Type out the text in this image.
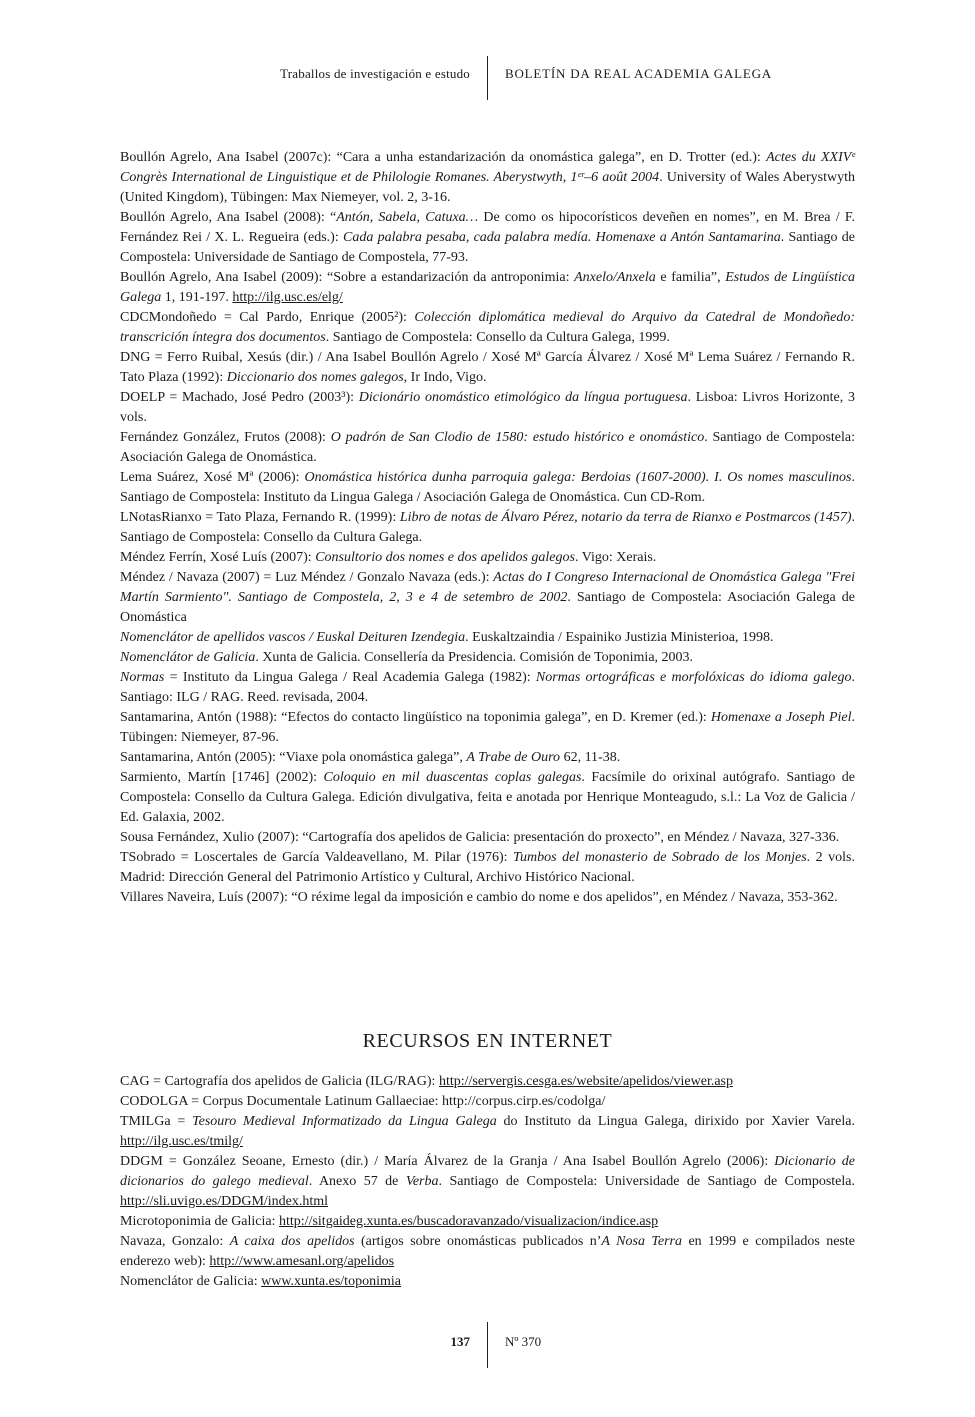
Traballos de investigación e estudo	BOLETÍN DA REAL ACADEMIA GALEGA

Boullón Agrelo, Ana Isabel (2007c): “Cara a unha estandarización da onomástica galega”, en D. Trotter (ed.): Actes du XXIVᵉ Congrès International de Linguistique et de Philologie Romanes. Aberystwyth, 1ᵉʳ–6 août 2004. University of Wales Aberystwyth (United Kingdom), Tübingen: Max Niemeyer, vol. 2, 3-16.

Boullón Agrelo, Ana Isabel (2008): “Antón, Sabela, Catuxa… De como os hipocorísticos deveñen en nomes”, en M. Brea / F. Fernández Rei / X. L. Regueira (eds.): Cada palabra pesaba, cada palabra medía. Homenaxe a Antón Santamarina. Santiago de Compostela: Universidade de Santiago de Compostela, 77-93.

Boullón Agrelo, Ana Isabel (2009): “Sobre a estandarización da antroponimia: Anxelo/Anxela e familia”, Estudos de Lingüística Galega 1, 191-197. http://ilg.usc.es/elg/

CDCMondoñedo = Cal Pardo, Enrique (2005²): Colección diplomática medieval do Arquivo da Catedral de Mondoñedo: transcrición íntegra dos documentos. Santiago de Compostela: Consello da Cultura Galega, 1999.

DNG = Ferro Ruibal, Xesús (dir.) / Ana Isabel Boullón Agrelo / Xosé Mª García Álvarez / Xosé Mª Lema Suárez / Fernando R. Tato Plaza (1992): Diccionario dos nomes galegos, Ir Indo, Vigo.

DOELP = Machado, José Pedro (2003³): Dicionário onomástico etimológico da língua portuguesa. Lisboa: Livros Horizonte, 3 vols.

Fernández González, Frutos (2008): O padrón de San Clodio de 1580: estudo histórico e onomástico. Santiago de Compostela: Asociación Galega de Onomástica.

Lema Suárez, Xosé Mª (2006): Onomástica histórica dunha parroquia galega: Berdoias (1607-2000). I. Os nomes masculinos. Santiago de Compostela: Instituto da Lingua Galega / Asociación Galega de Onomástica. Cun CD-Rom.

LNotasRianxo = Tato Plaza, Fernando R. (1999): Libro de notas de Álvaro Pérez, notario da terra de Rianxo e Postmarcos (1457). Santiago de Compostela: Consello da Cultura Galega.

Méndez Ferrín, Xosé Luís (2007): Consultorio dos nomes e dos apelidos galegos. Vigo: Xerais.

Méndez / Navaza (2007) = Luz Méndez / Gonzalo Navaza (eds.): Actas do I Congreso Internacional de Onomástica Galega "Frei Martín Sarmiento". Santiago de Compostela, 2, 3 e 4 de setembro de 2002. Santiago de Compostela: Asociación Galega de Onomástica

Nomenclátor de apellidos vascos / Euskal Deituren Izendegia. Euskaltzaindia / Espainiko Justizia Ministerioa, 1998.

Nomenclátor de Galicia. Xunta de Galicia. Consellería da Presidencia. Comisión de Toponimia, 2003.

Normas = Instituto da Lingua Galega / Real Academia Galega (1982): Normas ortográficas e morfolóxicas do idioma galego. Santiago: ILG / RAG. Reed. revisada, 2004.

Santamarina, Antón (1988): “Efectos do contacto lingüístico na toponimia galega”, en D. Kremer (ed.): Homenaxe a Joseph Piel. Tübingen: Niemeyer, 87-96.

Santamarina, Antón (2005): “Viaxe pola onomástica galega”, A Trabe de Ouro 62, 11-38.

Sarmiento, Martín [1746] (2002): Coloquio en mil duascentas coplas galegas. Facsímile do orixinal autógrafo. Santiago de Compostela: Consello da Cultura Galega. Edición divulgativa, feita e anotada por Henrique Monteagudo, s.l.: La Voz de Galicia / Ed. Galaxia, 2002.

Sousa Fernández, Xulio (2007): “Cartografía dos apelidos de Galicia: presentación do proxecto”, en Méndez / Navaza, 327-336.

TSobrado = Loscertales de García Valdeavellano, M. Pilar (1976): Tumbos del monasterio de Sobrado de los Monjes. 2 vols. Madrid: Dirección General del Patrimonio Artístico y Cultural, Archivo Histórico Nacional.

Villares Naveira, Luís (2007): “O réxime legal da imposición e cambio do nome e dos apelidos”, en Méndez / Navaza, 353-362.

RECURSOS EN INTERNET

CAG = Cartografía dos apelidos de Galicia (ILG/RAG): http://servergis.cesga.es/website/apelidos/viewer.asp

CODOLGA = Corpus Documentale Latinum Gallaeciae: http://corpus.cirp.es/codolga/

TMILGa = Tesouro Medieval Informatizado da Lingua Galega do Instituto da Lingua Galega, dirixido por Xavier Varela. http://ilg.usc.es/tmilg/

DDGM = González Seoane, Ernesto (dir.) / María Álvarez de la Granja / Ana Isabel Boullón Agrelo (2006): Dicionario de dicionarios do galego medieval. Anexo 57 de Verba. Santiago de Compostela: Universidade de Santiago de Compostela. http://sli.uvigo.es/DDGM/index.html

Microtoponimia de Galicia: http://sitgaideg.xunta.es/buscadoravanzado/visualizacion/indice.asp

Navaza, Gonzalo: A caixa dos apelidos (artigos sobre onomásticas publicados n’A Nosa Terra en 1999 e compilados neste enderezo web): http://www.amesanl.org/apelidos

Nomenclátor de Galicia: www.xunta.es/toponimia

137	Nº 370
